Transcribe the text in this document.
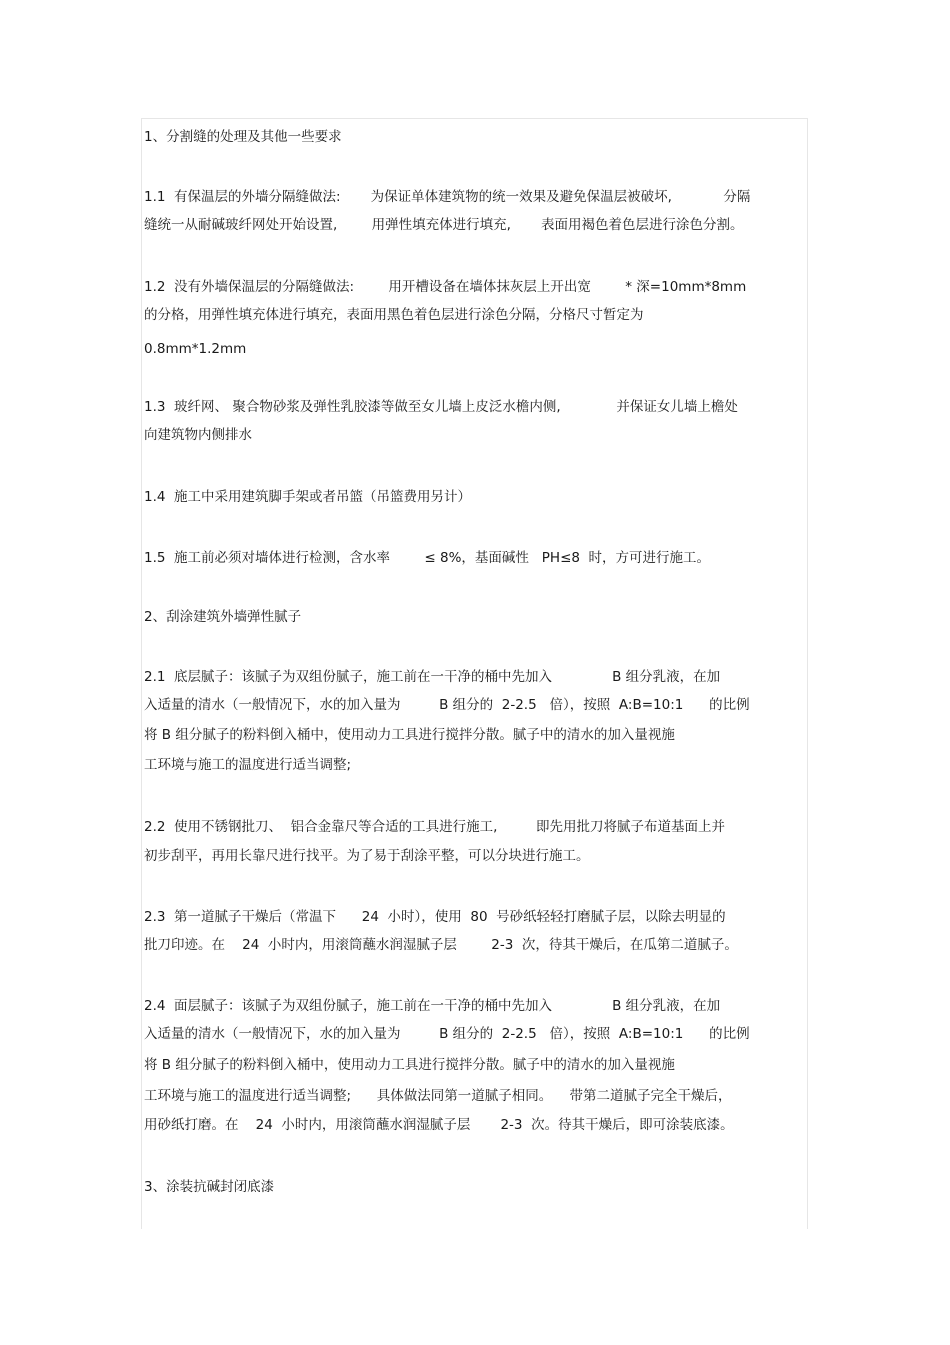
1、分割缝的处理及其他一些要求
1.1  有保温层的外墙分隔缝做法:       为保证单体建筑物的统一效果及避免保温层被破坏,            分隔
缝统一从耐碱玻纤网处开始设置,        用弹性填充体进行填充,       表面用褐色着色层进行涂色分割。
1.2  没有外墙保温层的分隔缝做法:        用开槽设备在墙体抹灰层上开出宽        * 深=10mm*8mm
的分格，用弹性填充体进行填充，表面用黑色着色层进行涂色分隔，分格尺寸暂定为
0.8mm*1.2mm
1.3  玻纤网、 聚合物砂浆及弹性乳胶漆等做至女儿墙上皮泛水檐内侧,             并保证女儿墙上檐处
向建筑物内侧排水
1.4  施工中采用建筑脚手架或者吊篮（吊篮费用另计）
1.5  施工前必须对墙体进行检测，含水率        ≤ 8%，基面碱性   PH≤8  时，方可进行施工。
2、刮涂建筑外墙弹性腻子
2.1  底层腻子：该腻子为双组份腻子，施工前在一干净的桶中先加入              B 组分乳液，在加
入适量的清水（一般情况下，水的加入量为         B 组分的  2-2.5   倍），按照  A:B=10:1      的比例
将 B 组分腻子的粉料倒入桶中，使用动力工具进行搅拌分散。腻子中的清水的加入量视施
工环境与施工的温度进行适当调整;
2.2  使用不锈钢批刀、  铝合金靠尺等合适的工具进行施工,         即先用批刀将腻子布道基面上并
初步刮平，再用长靠尺进行找平。为了易于刮涂平整，可以分块进行施工。
2.3  第一道腻子干燥后（常温下      24  小时），使用  80  号砂纸轻轻打磨腻子层，以除去明显的
批刀印迹。在    24  小时内，用滚筒蘸水润湿腻子层        2-3  次，待其干燥后，在瓜第二道腻子。
2.4  面层腻子：该腻子为双组份腻子，施工前在一干净的桶中先加入              B 组分乳液，在加
入适量的清水（一般情况下，水的加入量为         B 组分的  2-2.5   倍），按照  A:B=10:1      的比例
将 B 组分腻子的粉料倒入桶中，使用动力工具进行搅拌分散。腻子中的清水的加入量视施
工环境与施工的温度进行适当调整;      具体做法同第一道腻子相同。    带第二道腻子完全干燥后，
用砂纸打磨。在    24  小时内，用滚筒蘸水润湿腻子层       2-3  次。待其干燥后，即可涂装底漆。
3、涂装抗碱封闭底漆
